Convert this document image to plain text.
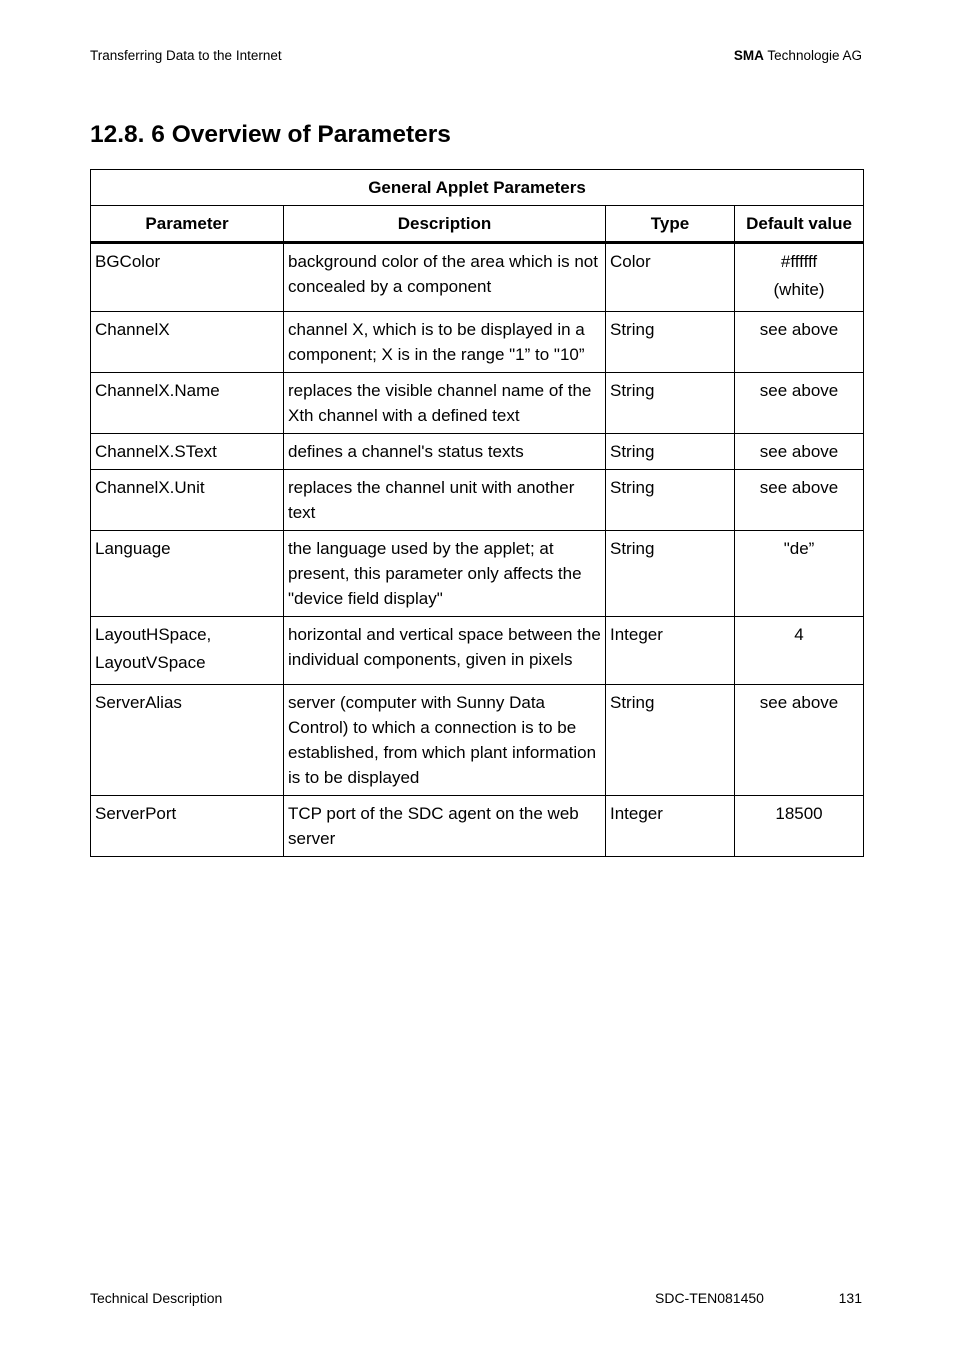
Transferring Data to the Internet	SMA Technologie AG
12.8. 6 Overview of Parameters
General Applet Parameters			
Parameter	Description	Type	Default value

BGColor	background color of the area which is not concealed by a component	Color	#ffffff
(white)

ChannelX	channel X, which is to be displayed in a component; X is in the range "1” to "10”	String	see above

ChannelX.Name	replaces the visible channel name of the Xth channel with a defined text	String	see above

ChannelX.SText	defines a channel's status texts	String	see above

ChannelX.Unit	replaces the channel unit with another text	String	see above

Language	the language used by the applet; at present, this parameter only affects the "device field display"	String	"de”

LayoutHSpace,
LayoutVSpace	horizontal and vertical space between the individual components, given in pixels	Integer	4

ServerAlias	server (computer with Sunny Data Control) to which a connection is to be established, from which plant information is to be displayed	String	see above

ServerPort	TCP port of the SDC agent on the web server	Integer	18500
Technical Description	SDC-TEN081450	131
